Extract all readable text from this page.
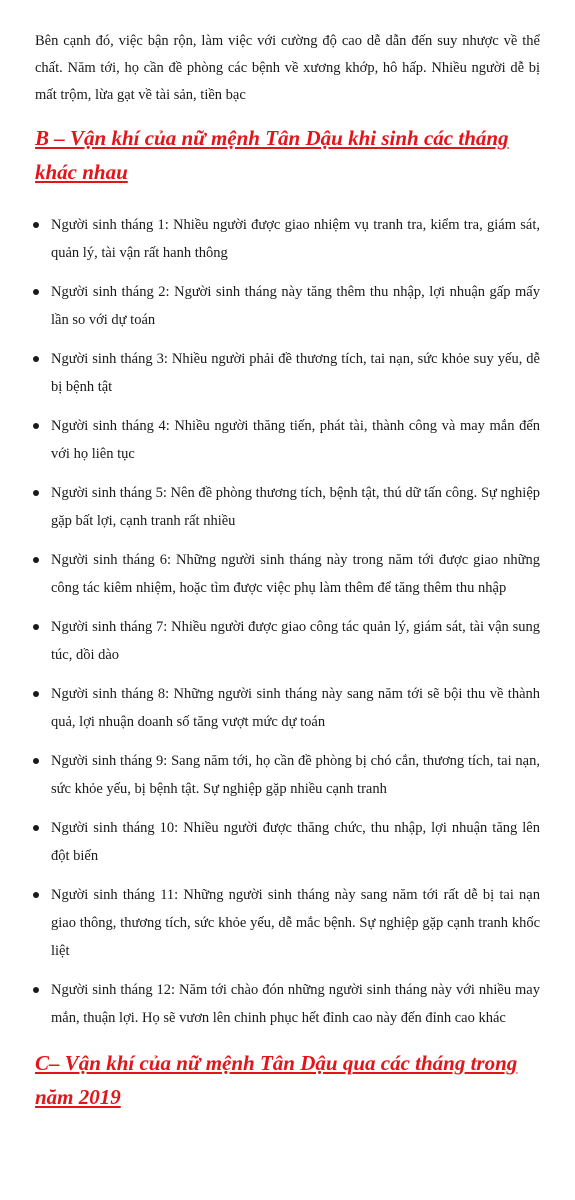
Bên cạnh đó, việc bận rộn, làm việc với cường độ cao dễ dẫn đến suy nhược về thể chất. Năm tới, họ cần đề phòng các bệnh về xương khớp, hô hấp. Nhiều người dễ bị mất trộm, lừa gạt về tài sản, tiền bạc

B – Vận khí của nữ mệnh Tân Dậu khi sinh các tháng khác nhau
Người sinh tháng 1: Nhiều người được giao nhiệm vụ tranh tra, kiểm tra, giám sát, quản lý, tài vận rất hanh thông
Người sinh tháng 2: Người sinh tháng này tăng thêm thu nhập, lợi nhuận gấp mấy lần so với dự toán
Người sinh tháng 3: Nhiều người phải đề thương tích, tai nạn, sức khỏe suy yếu, dễ bị bệnh tật
Người sinh tháng 4: Nhiều người thăng tiến, phát tài, thành công và may mắn đến với họ liên tục
Người sinh tháng 5: Nên đề phòng thương tích, bệnh tật, thú dữ tấn công. Sự nghiệp gặp bất lợi, cạnh tranh rất nhiều
Người sinh tháng 6: Những người sinh tháng này trong năm tới được giao những công tác kiêm nhiệm, hoặc tìm được việc phụ làm thêm để tăng thêm thu nhập
Người sinh tháng 7: Nhiều người được giao công tác quản lý, giám sát, tài vận sung túc, dồi dào
Người sinh tháng 8: Những người sinh tháng này sang năm tới sẽ bội thu về thành quả, lợi nhuận doanh số tăng vượt mức dự toán
Người sinh tháng 9: Sang năm tới, họ cần đề phòng bị chó cắn, thương tích, tai nạn, sức khỏe yếu, bị bệnh tật. Sự nghiệp gặp nhiều cạnh tranh
Người sinh tháng 10: Nhiều người được thăng chức, thu nhập, lợi nhuận tăng lên đột biến
Người sinh tháng 11: Những người sinh tháng này sang năm tới rất dễ bị tai nạn giao thông, thương tích, sức khỏe yếu, dễ mắc bệnh. Sự nghiệp gặp cạnh tranh khốc liệt
Người sinh tháng 12: Năm tới chào đón những người sinh tháng này với nhiều may mắn, thuận lợi. Họ sẽ vươn lên chinh phục hết đỉnh cao này đến đỉnh cao khác
C– Vận khí của nữ mệnh Tân Dậu qua các tháng trong năm 2019
